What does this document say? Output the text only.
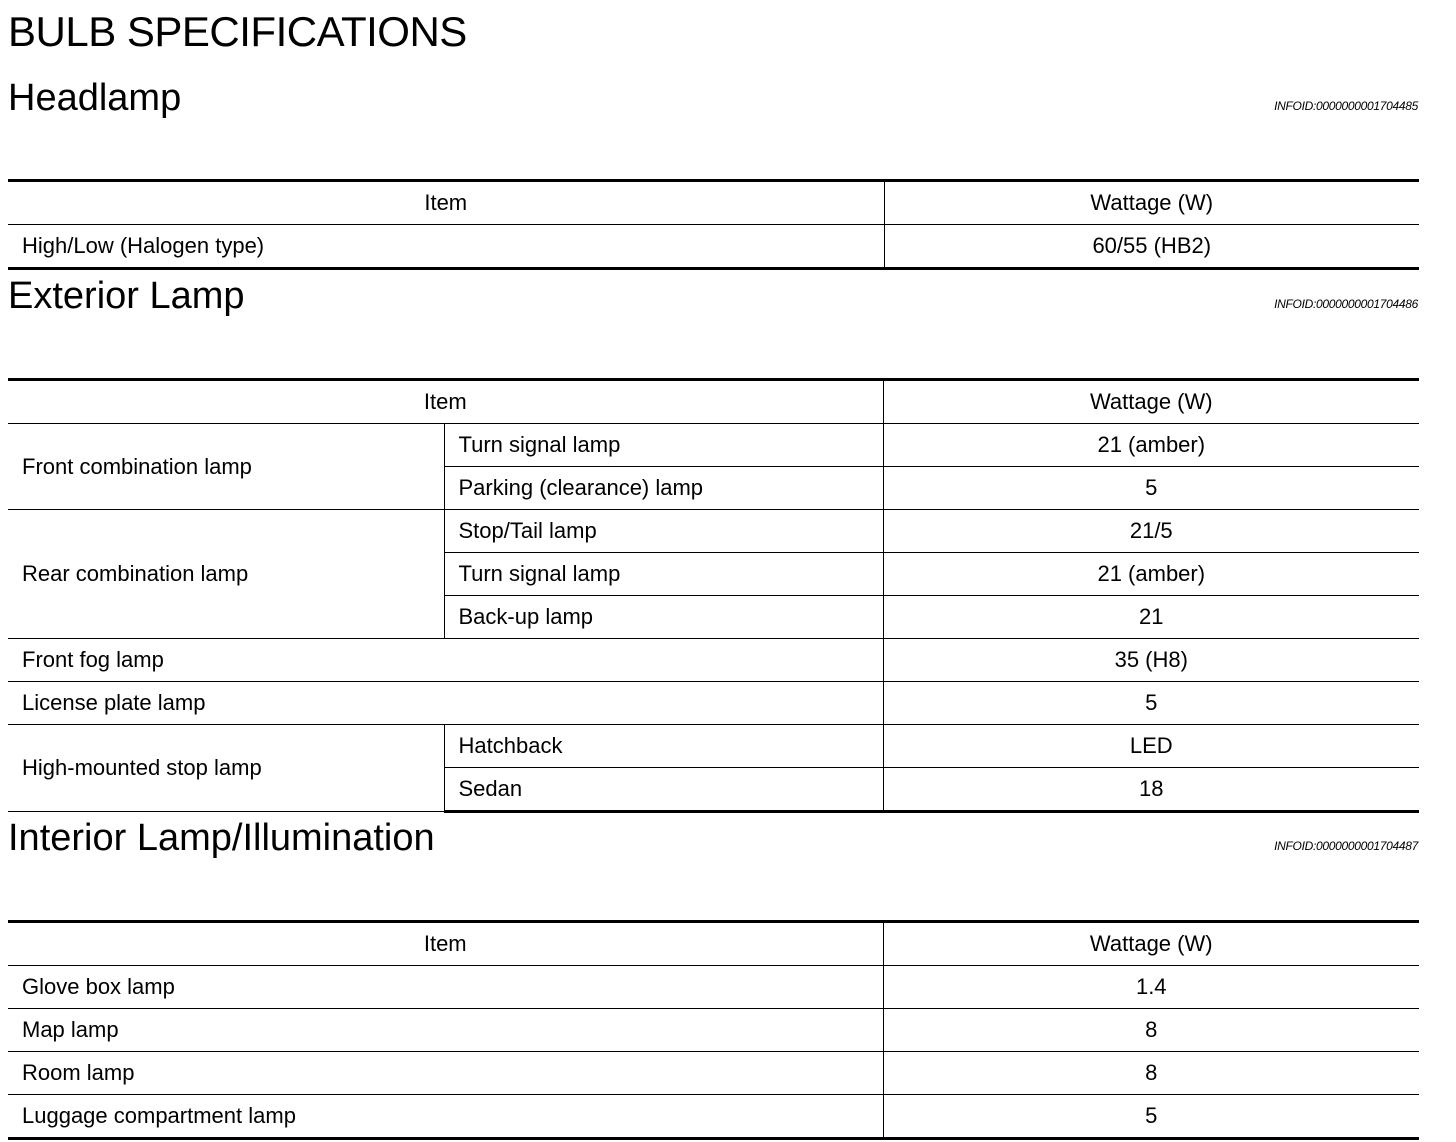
BULB SPECIFICATIONS
Headlamp	INFOID:0000000001704485
Item	Wattage (W)
High/Low (Halogen type)	60/55 (HB2)
Exterior Lamp	INFOID:0000000001704486
Item		Wattage (W)
Front combination lamp	Turn signal lamp	21 (amber)
	Parking (clearance) lamp	5
Rear combination lamp	Stop/Tail lamp	21/5
	Turn signal lamp	21 (amber)
	Back-up lamp	21
Front fog lamp		35 (H8)
License plate lamp		5
High-mounted stop lamp	Hatchback	LED
	Sedan	18
Interior Lamp/Illumination	INFOID:0000000001704487
Item	Wattage (W)
Glove box lamp	1.4
Map lamp	8
Room lamp	8
Luggage compartment lamp	5
